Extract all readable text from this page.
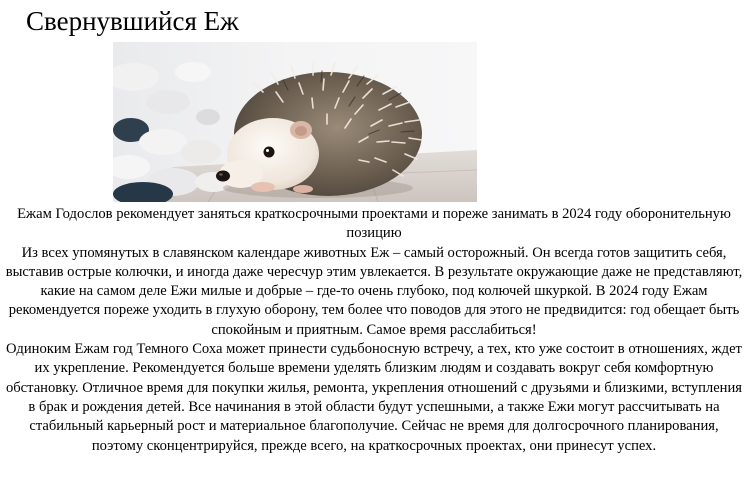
Свернувшийся Еж

Ежам Годослов рекомендует заняться краткосрочными проектами и пореже занимать в 2024 году оборонительную позицию

Из всех упомянутых в славянском календаре животных Еж – самый осторожный. Он всегда готов защитить себя, выставив острые колючки, и иногда даже чересчур этим увлекается. В результате окружающие даже не представляют, какие на самом деле Ежи милые и добрые – где-то очень глубоко, под колючей шкуркой. В 2024 году Ежам рекомендуется пореже уходить в глухую оборону, тем более что поводов для этого не предвидится: год обещает быть спокойным и приятным. Самое время расслабиться!

Одиноким Ежам год Темного Соха может принести судьбоносную встречу, а тех, кто уже состоит в отношениях, ждет их укрепление. Рекомендуется больше времени уделять близким людям и создавать вокруг себя комфортную обстановку. Отличное время для покупки жилья, ремонта, укрепления отношений с друзьями и близкими, вступления в брак и рождения детей. Все начинания в этой области будут успешными, а также Ежи могут рассчитывать на стабильный карьерный рост и материальное благополучие. Сейчас не время для долгосрочного планирования, поэтому сконцентрируйся, прежде всего, на краткосрочных проектах, они принесут успех.
